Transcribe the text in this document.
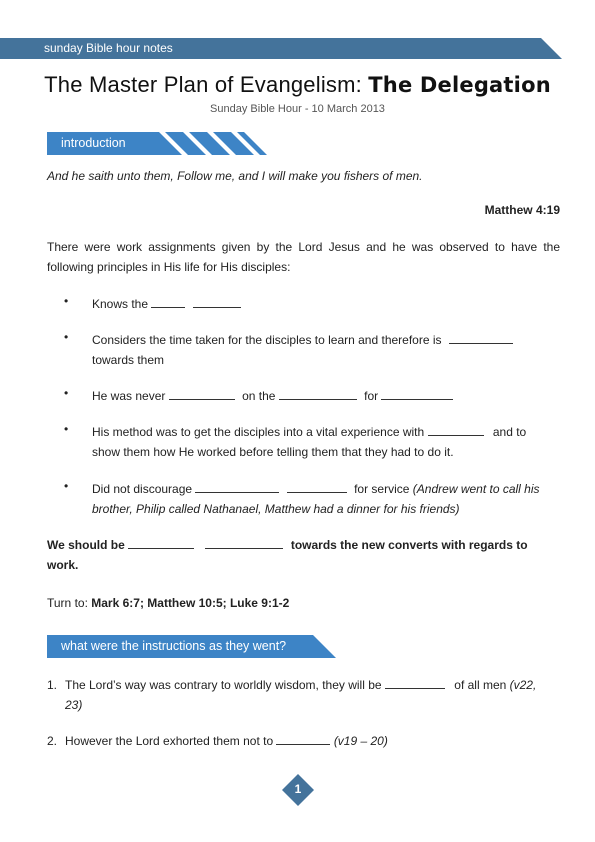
sunday Bible hour notes
The Master Plan of Evangelism: The Delegation
Sunday Bible Hour - 10 March 2013
introduction
And he saith unto them, Follow me, and I will make you fishers of men.
Matthew 4:19
There were work assignments given by the Lord Jesus and he was observed to have the following principles in His life for His disciples:
• Knows the
• Considers the time taken for the disciples to learn and therefore is
towards them
• He was never	on the	for
• His method was to get the disciples into a vital experience with	and to
show them how He worked before telling them that they had to do it.
• Did not discourage	for service (Andrew went to call his
brother, Philip called Nathanael, Matthew had a dinner for his friends)
We should be	towards the new converts with regards to
work.
Turn to: Mark 6:7; Matthew 10:5; Luke 9:1-2
what were the instructions as they went?
1. The Lord’s way was contrary to worldly wisdom, they will be	of all men (v22,
23)
2. However the Lord exhorted them not to	(v19 – 20)
1
